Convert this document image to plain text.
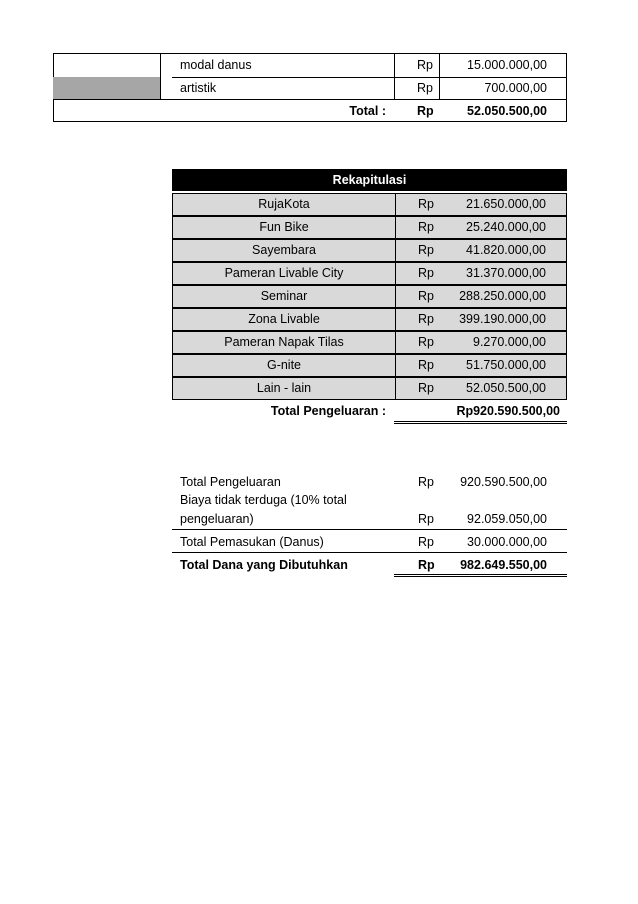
modal danus	Rp	15.000.000,00
artistik	Rp	700.000,00
Total : Rp	52.050.500,00
Rekapitulasi
RujaKota	Rp	21.650.000,00
Fun Bike	Rp	25.240.000,00
Sayembara	Rp	41.820.000,00
Pameran Livable City	Rp	31.370.000,00
Seminar	Rp 288.250.000,00
Zona Livable	Rp 399.190.000,00
Pameran Napak Tilas	Rp	9.270.000,00
G-nite	Rp	51.750.000,00
Lain - lain	Rp	52.050.500,00
Total Pengeluaran :	Rp920.590.500,00
Total Pengeluaran	Rp 920.590.500,00
Biaya tidak terduga (10% total
pengeluaran)	Rp	92.059.050,00
Total Pemasukan (Danus)	Rp	30.000.000,00
Total Dana yang Dibutuhkan	Rp 982.649.550,00
